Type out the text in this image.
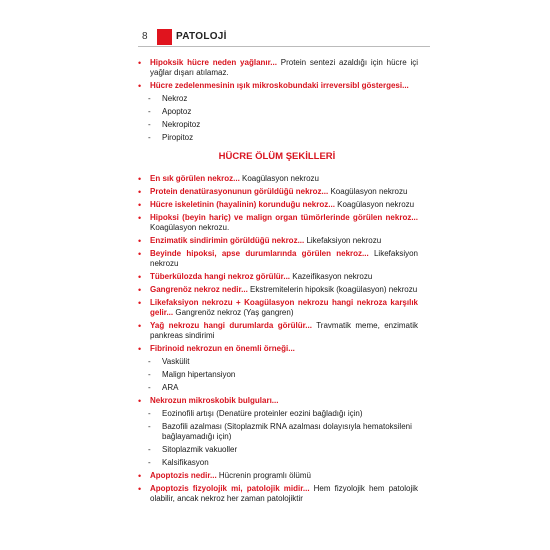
8	PATOLOJİ
• Hipoksik hücre neden yağlanır... Protein sentezi azaldığı için hücre içi yağlar dışarı atılamaz.
• Hücre zedelenmesinin ışık mikroskobundaki irreversibl göstergesi...
- Nekroz
- Apoptoz
- Nekropitoz
- Piropitoz
HÜCRE ÖLÜM ŞEKİLLERİ
• En sık görülen nekroz... Koagülasyon nekrozu
• Protein denatürasyonunun görüldüğü nekroz... Koagülasyon nekrozu
• Hücre iskeletinin (hayalinin) korunduğu nekroz... Koagülasyon nekrozu
• Hipoksi (beyin hariç) ve malign organ tümörlerinde görülen nekroz... Koagülasyon nekrozu.
• Enzimatik sindirimin görüldüğü nekroz... Likefaksiyon nekrozu
• Beyinde hipoksi, apse durumlarında görülen nekroz... Likefaksiyon nekrozu
• Tüberkülozda hangi nekroz görülür... Kazeifikasyon nekrozu
• Gangrenöz nekroz nedir... Ekstremitelerin hipoksik (koagülasyon) nekrozu
• Likefaksiyon nekrozu + Koagülasyon nekrozu hangi nekroza karşılık gelir... Gangrenöz nekroz (Yaş gangren)
• Yağ nekrozu hangi durumlarda görülür... Travmatik meme, enzimatik pankreas sindirimi
• Fibrinoid nekrozun en önemli örneği...
- Vaskülit
- Malign hipertansiyon
- ARA
• Nekrozun mikroskobik bulguları...
- Eozinofili artışı (Denatüre proteinler eozini bağladığı için)
- Bazofili azalması (Sitoplazmik RNA azalması dolayısıyla hematoksileni bağlayamadığı için)
- Sitoplazmik vakuoller
- Kalsifikasyon
• Apoptozis nedir... Hücrenin programlı ölümü
• Apoptozis fizyolojik mi, patolojik midir... Hem fizyolojik hem patolojik olabilir, ancak nekroz her zaman patolojiktir
